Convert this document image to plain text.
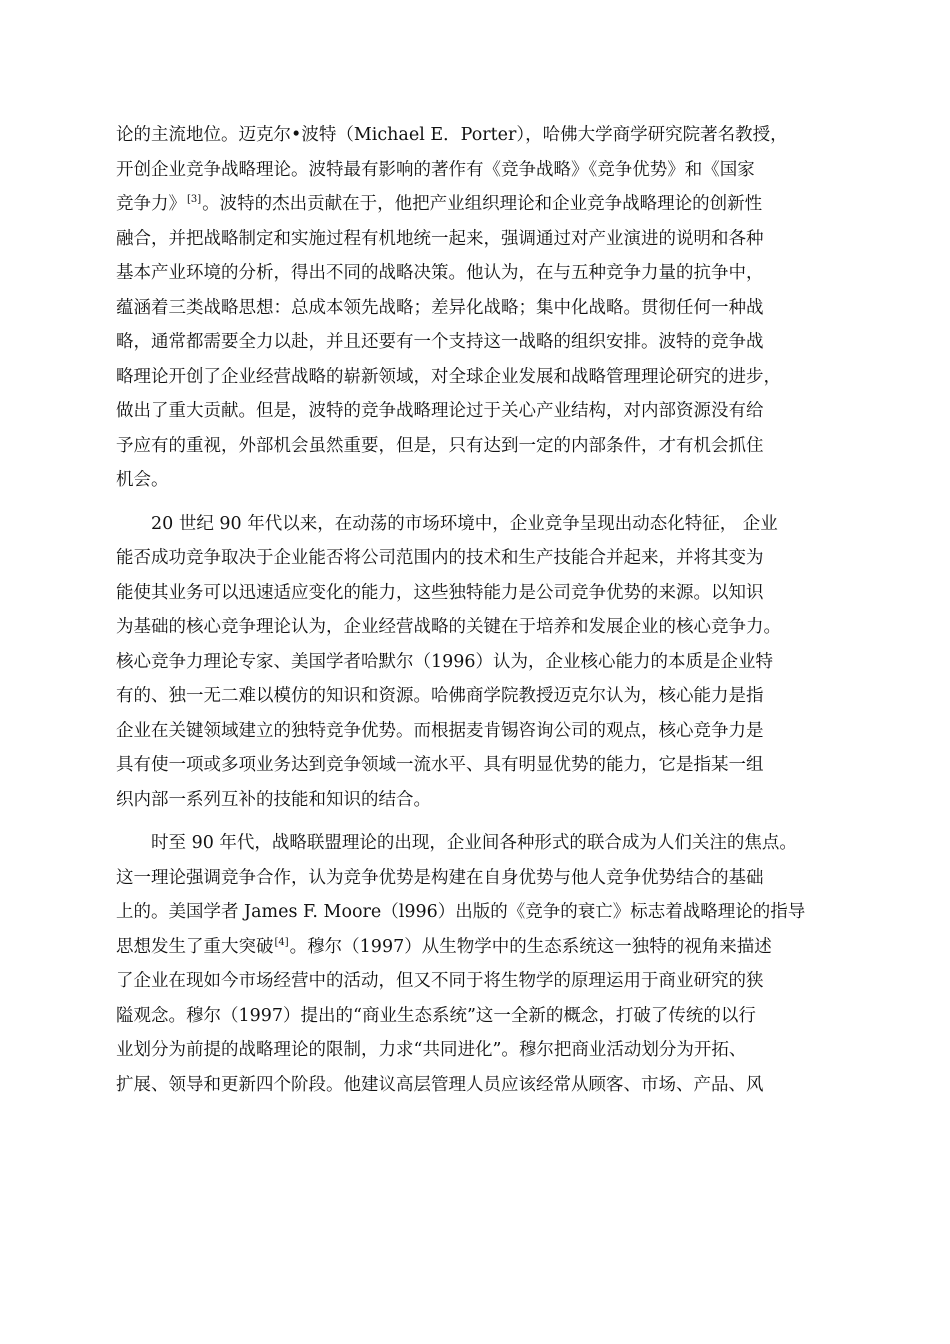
论的主流地位。迈克尔•波特（Michael E．Porter），哈佛大学商学研究院著名教授，
开创企业竞争战略理论。波特最有影响的著作有《竞争战略》《竞争优势》和《国家
竞争力》[3]。波特的杰出贡献在于，他把产业组织理论和企业竞争战略理论的创新性
融合，并把战略制定和实施过程有机地统一起来，强调通过对产业演进的说明和各种
基本产业环境的分析，得出不同的战略决策。他认为，在与五种竞争力量的抗争中，
蕴涵着三类战略思想：总成本领先战略；差异化战略；集中化战略。贯彻任何一种战
略，通常都需要全力以赴，并且还要有一个支持这一战略的组织安排。波特的竞争战
略理论开创了企业经营战略的崭新领域，对全球企业发展和战略管理理论研究的进步，
做出了重大贡献。但是，波特的竞争战略理论过于关心产业结构，对内部资源没有给
予应有的重视，外部机会虽然重要，但是，只有达到一定的内部条件，才有机会抓住
机会。
20 世纪 90 年代以来，在动荡的市场环境中，企业竞争呈现出动态化特征， 企业
能否成功竞争取决于企业能否将公司范围内的技术和生产技能合并起来，并将其变为
能使其业务可以迅速适应变化的能力，这些独特能力是公司竞争优势的来源。以知识
为基础的核心竞争理论认为，企业经营战略的关键在于培养和发展企业的核心竞争力。
核心竞争力理论专家、美国学者哈默尔（1996）认为，企业核心能力的本质是企业特
有的、独一无二难以模仿的知识和资源。哈佛商学院教授迈克尔认为，核心能力是指
企业在关键领域建立的独特竞争优势。而根据麦肯锡咨询公司的观点，核心竞争力是
具有使一项或多项业务达到竞争领域一流水平、具有明显优势的能力，它是指某一组
织内部一系列互补的技能和知识的结合。
时至 90 年代，战略联盟理论的出现，企业间各种形式的联合成为人们关注的焦点。
这一理论强调竞争合作，认为竞争优势是构建在自身优势与他人竞争优势结合的基础
上的。美国学者 James F. Moore（l996）出版的《竞争的衰亡》标志着战略理论的指导
思想发生了重大突破[4]。穆尔（1997）从生物学中的生态系统这一独特的视角来描述
了企业在现如今市场经营中的活动，但又不同于将生物学的原理运用于商业研究的狭
隘观念。穆尔（1997）提出的“商业生态系统”这一全新的概念，打破了传统的以行
业划分为前提的战略理论的限制，力求“共同进化”。穆尔把商业活动划分为开拓、
扩展、领导和更新四个阶段。他建议高层管理人员应该经常从顾客、市场、产品、风
